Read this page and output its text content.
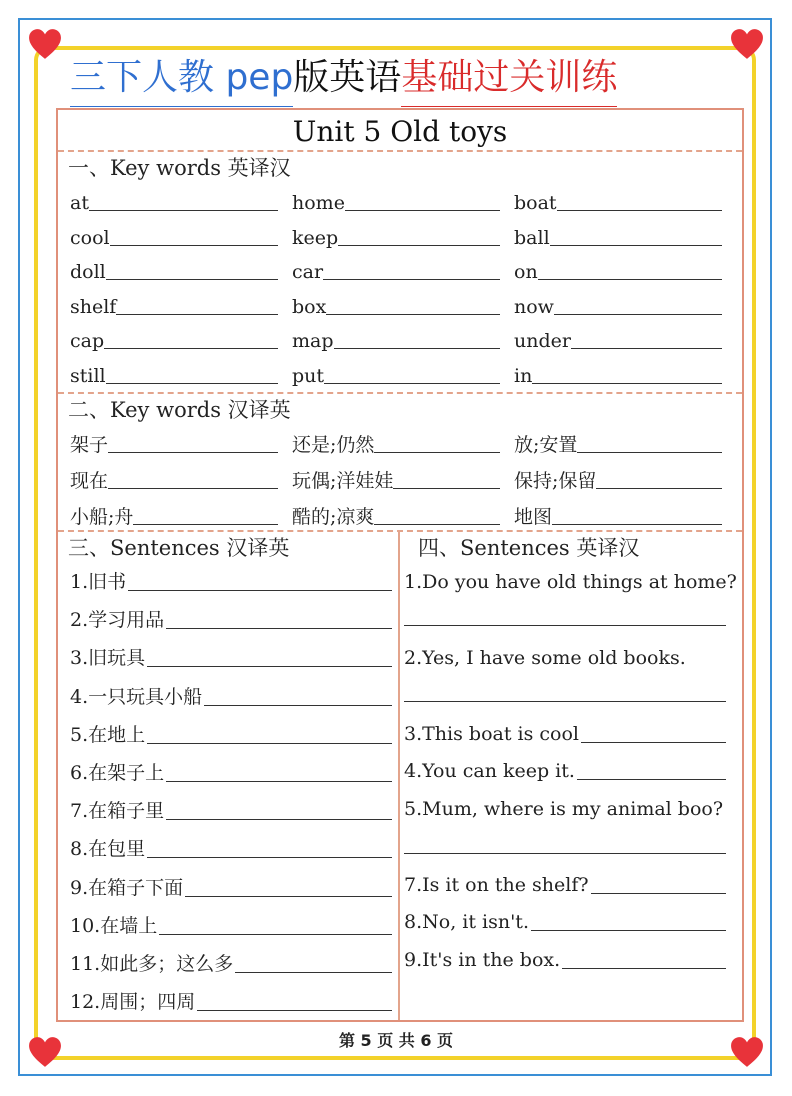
三下人教 pep版英语基础过关训练
Unit 5 Old toys
一、Key words 英译汉
at	home	boat
cool	keep	ball
doll	car	on
shelf	box	now
cap	map	under
still	put	in
二、Key words 汉译英
架子	还是;仍然	放;安置
现在	玩偶;洋娃娃	保持;保留
小船;舟	酷的;凉爽	地图
三、Sentences 汉译英
1.旧书
2.学习用品
3.旧玩具
4.一只玩具小船
5.在地上
6.在架子上
7.在箱子里
8.在包里
9.在箱子下面
10.在墙上
11.如此多；这么多
12.周围；四周
四、Sentences 英译汉
1.Do you have old things at home?
2.Yes, I have some old books.
3.This boat is cool
4.You can keep it.
5.Mum, where is my animal boo?
7.Is it on the shelf?
8.No, it isn't.
9.It's in the box.
第 5 页 共 6 页
